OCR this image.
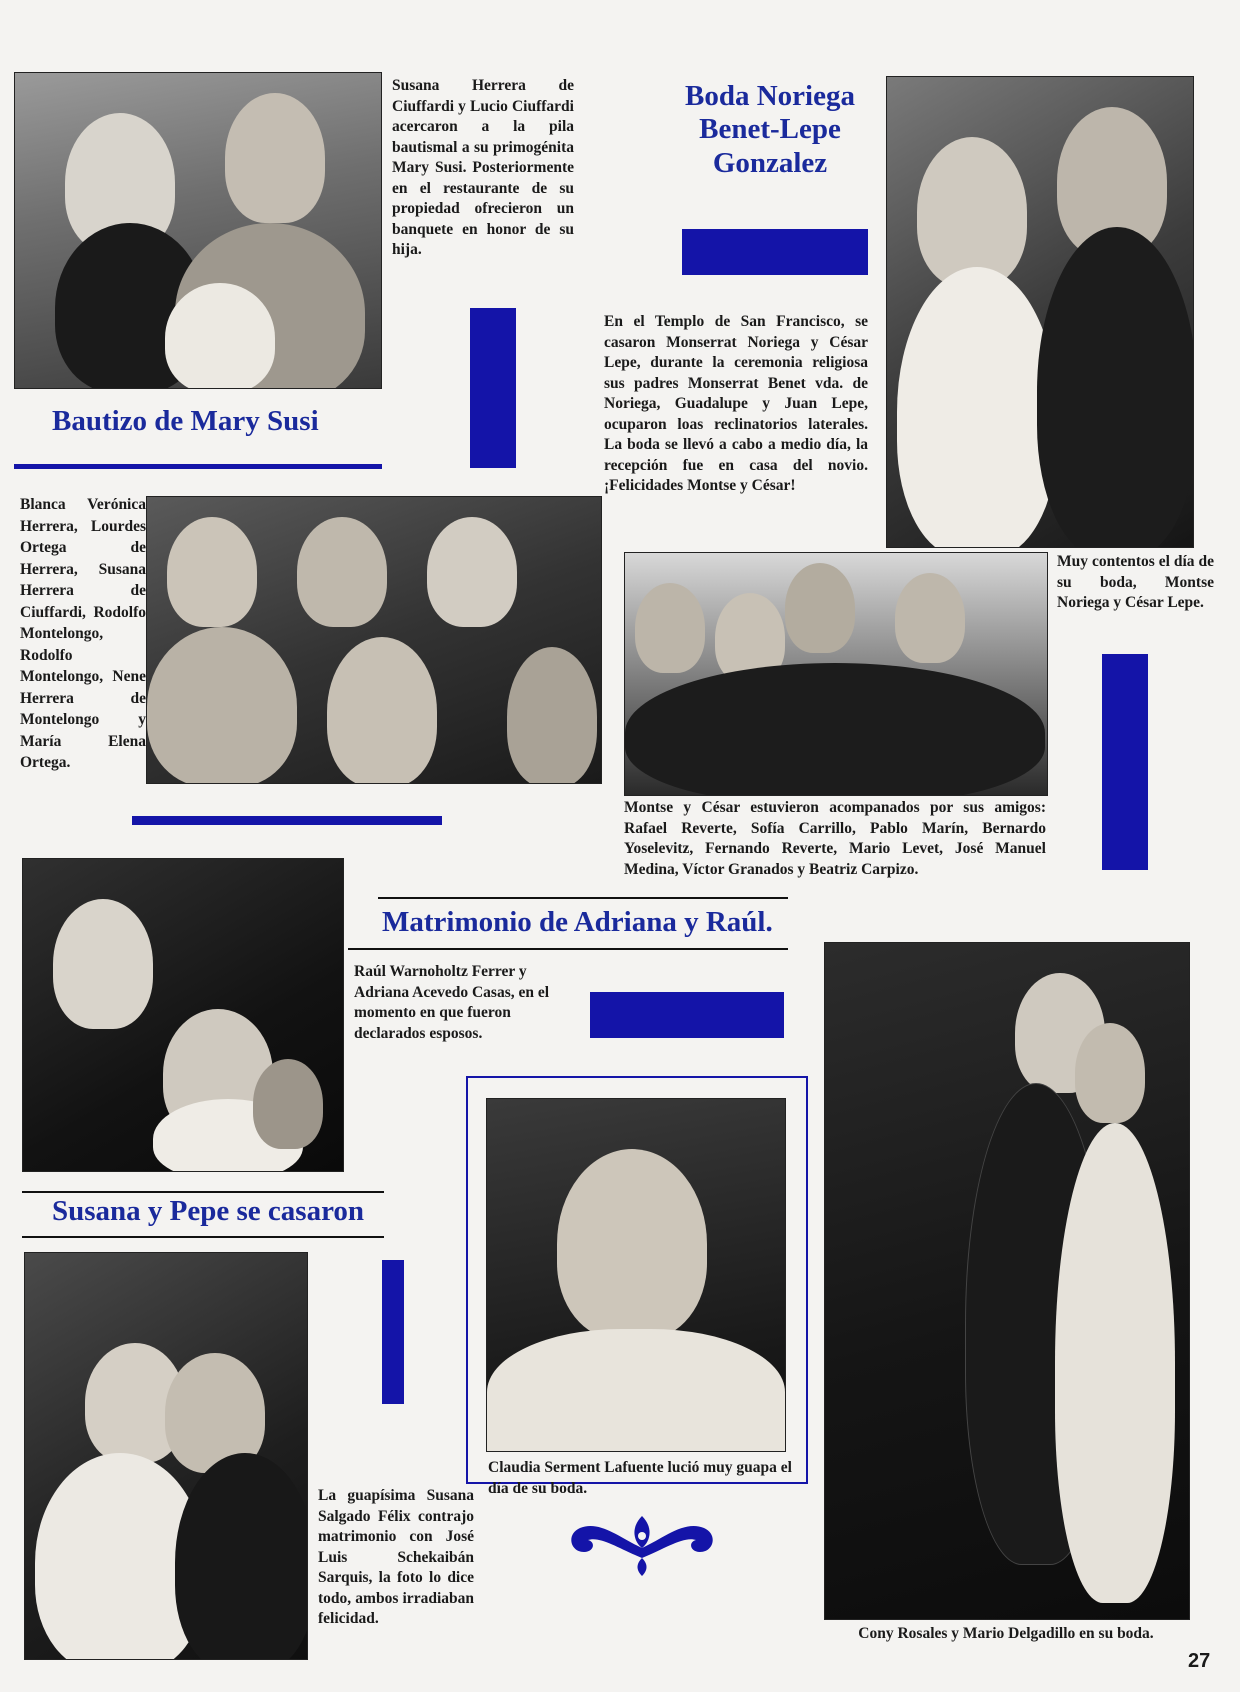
Susana Herrera de Ciuffardi y Lucio Ciuffardi acercaron a la pila bautismal a su primogénita Mary Susi. Posteriormente en el restaurante de su propiedad ofrecieron un banquete en honor de su hija.
Bautizo de Mary Susi
Boda Noriega Benet-Lepe Gonzalez
En el Templo de San Francisco, se casaron Monserrat Noriega y César Lepe, durante la ceremonia religiosa sus padres Monserrat Benet vda. de Noriega, Guadalupe y Juan Lepe, ocuparon loas reclinatorios laterales. La boda se llevó a cabo a medio día, la recepción fue en casa del novio. ¡Felicidades Montse y César!
Blanca Verónica Herrera, Lourdes Ortega de Herrera, Susana Herrera de Ciuffardi, Rodolfo Montelongo, Rodolfo Montelongo, Nene Herrera de Montelongo y María Elena Ortega.
Muy contentos el día de su boda, Montse Noriega y César Lepe.
Montse y César estuvieron acompanados por sus amigos: Rafael Reverte, Sofía Carrillo, Pablo Marín, Bernardo Yoselevitz, Fernando Reverte, Mario Levet, José Manuel Medina, Víctor Granados y Beatriz Carpizo.
Matrimonio de Adriana y Raúl.
Raúl Warnoholtz Ferrer y Adriana Acevedo Casas, en el momento en que fueron declarados esposos.
Susana y Pepe se casaron
La guapísima Susana Salgado Félix contrajo matrimonio con José Luis Schekaibán Sarquis, la foto lo dice todo, ambos irradiaban felicidad.
Claudia Serment Lafuente lució muy guapa el día de su boda.
Cony Rosales y Mario Delgadillo en su boda.
27
